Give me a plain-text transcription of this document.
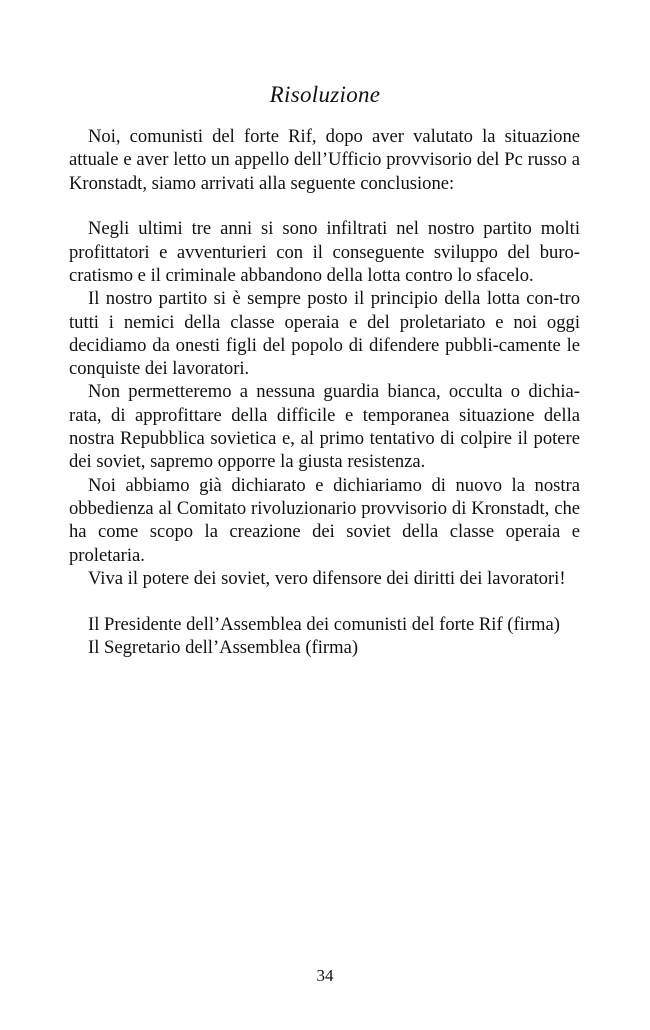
Risoluzione

Noi, comunisti del forte Rif, dopo aver valutato la situazione attuale e aver letto un appello dell’Ufficio provvisorio del Pc russo a Kronstadt, siamo arrivati alla seguente conclusione:

Negli ultimi tre anni si sono infiltrati nel nostro partito molti profittatori e avventurieri con il conseguente sviluppo del buro-cratismo e il criminale abbandono della lotta contro lo sfacelo.

Il nostro partito si è sempre posto il principio della lotta con-tro tutti i nemici della classe operaia e del proletariato e noi oggi decidiamo da onesti figli del popolo di difendere pubbli-camente le conquiste dei lavoratori.

Non permetteremo a nessuna guardia bianca, occulta o dichia-rata, di approfittare della difficile e temporanea situazione della nostra Repubblica sovietica e, al primo tentativo di colpire il potere dei soviet, sapremo opporre la giusta resistenza.

Noi abbiamo già dichiarato e dichiariamo di nuovo la nostra obbedienza al Comitato rivoluzionario provvisorio di Kronstadt, che ha come scopo la creazione dei soviet della classe operaia e proletaria.

Viva il potere dei soviet, vero difensore dei diritti dei lavoratori!

Il Presidente dell’Assemblea dei comunisti del forte Rif (firma)

Il Segretario dell’Assemblea (firma)

34
